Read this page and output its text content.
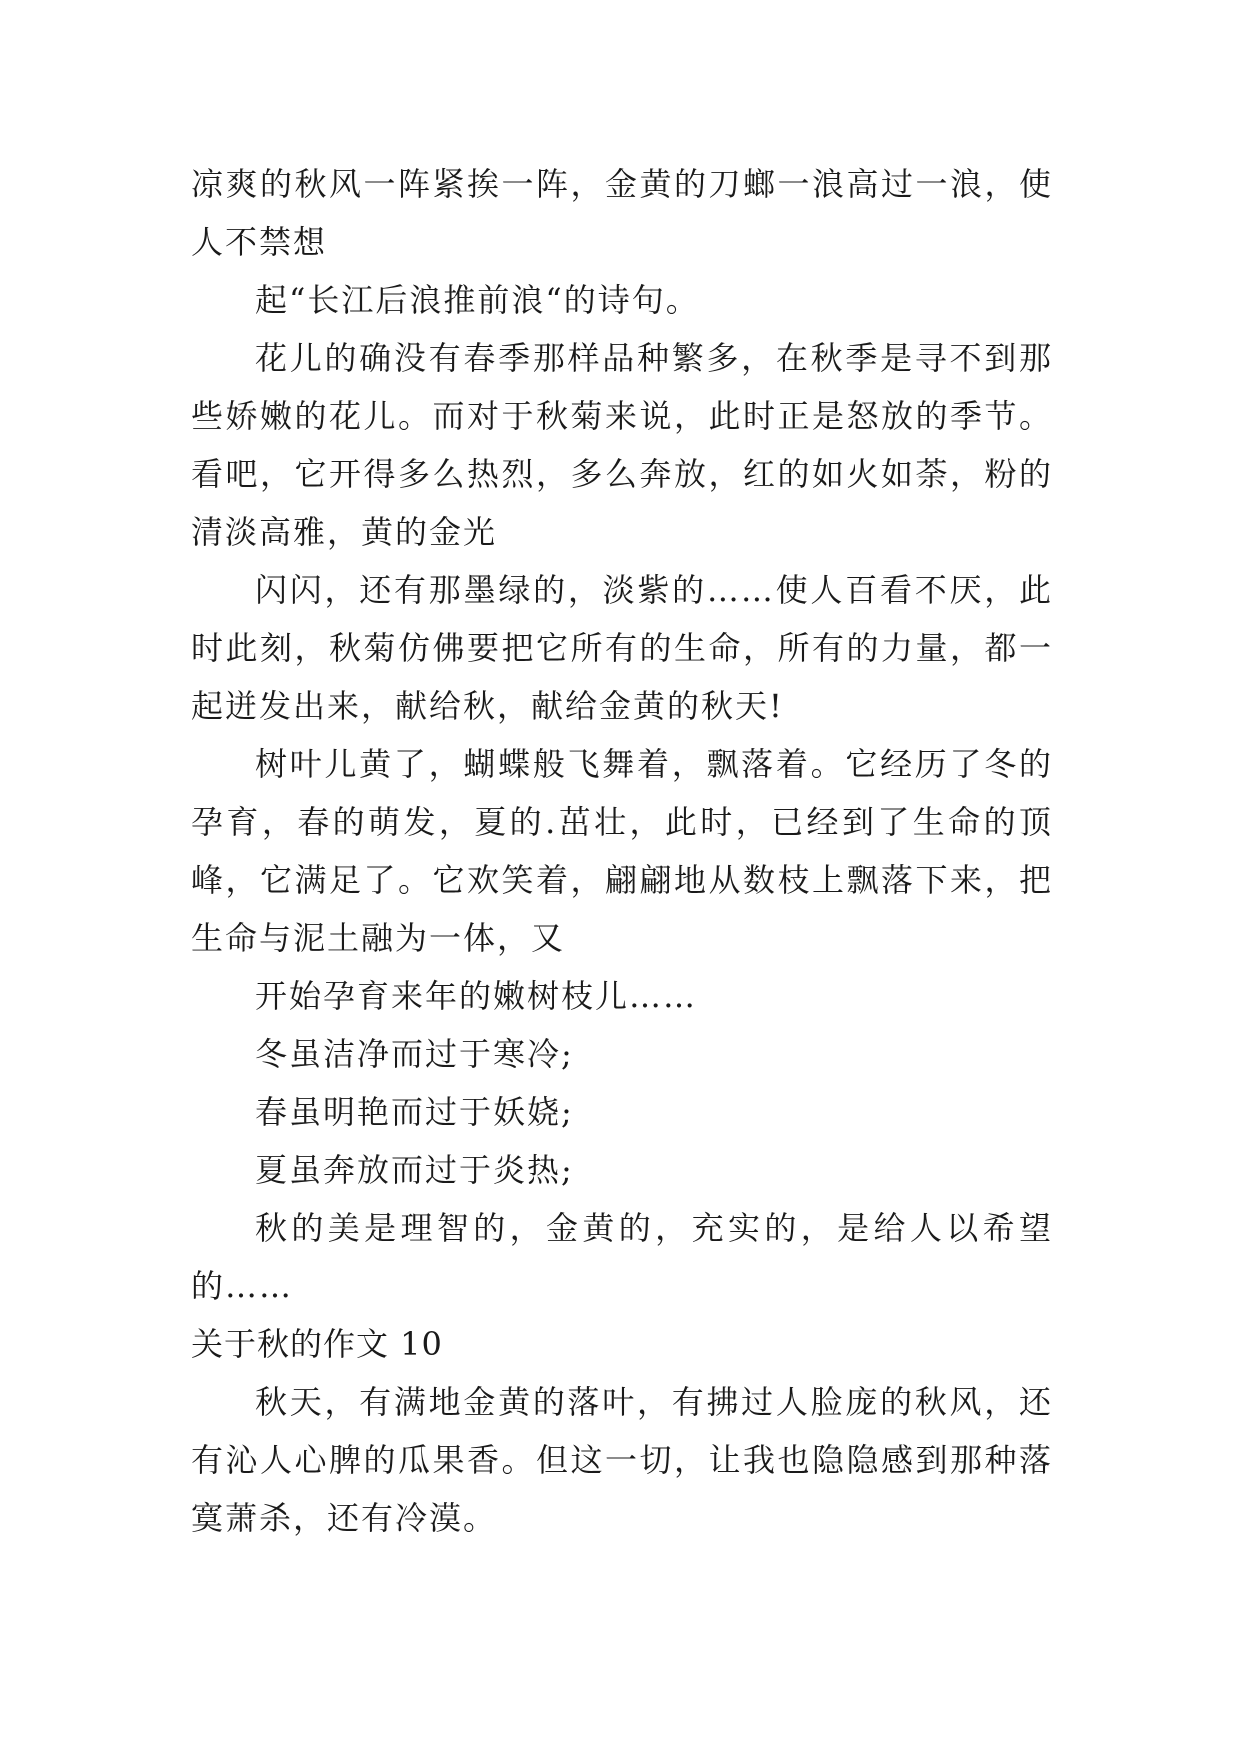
凉爽的秋风一阵紧挨一阵，金黄的刀螂一浪高过一浪，使人不禁想

起“长江后浪推前浪“的诗句。

花儿的确没有春季那样品种繁多，在秋季是寻不到那些娇嫩的花儿。而对于秋菊来说，此时正是怒放的季节。看吧，它开得多么热烈，多么奔放，红的如火如荼，粉的清淡高雅，黄的金光

闪闪，还有那墨绿的，淡紫的……使人百看不厌，此时此刻，秋菊仿佛要把它所有的生命，所有的力量，都一起迸发出来，献给秋，献给金黄的秋天!

树叶儿黄了，蝴蝶般飞舞着，飘落着。它经历了冬的孕育，春的萌发，夏的.茁壮，此时，已经到了生命的顶峰，它满足了。它欢笑着，翩翩地从数枝上飘落下来，把生命与泥土融为一体，又

开始孕育来年的嫩树枝儿……

冬虽洁净而过于寒冷;

春虽明艳而过于妖娆;

夏虽奔放而过于炎热;

秋的美是理智的，金黄的，充实的，是给人以希望的……

关于秋的作文 10

秋天，有满地金黄的落叶，有拂过人脸庞的秋风，还有沁人心脾的瓜果香。但这一切，让我也隐隐感到那种落寞萧杀，还有冷漠。
